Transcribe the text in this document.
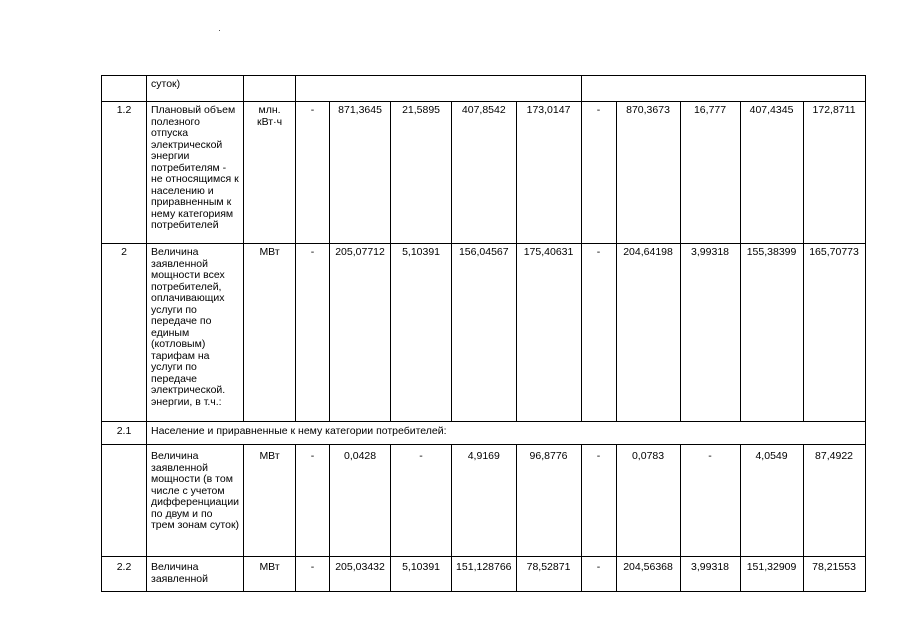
	суток)											
1.2	Плановый объем полезного отпуска электрической энергии потребителям - не относящимся к населению и приравненным к нему категориям потребителей	млн. кВт·ч	-	871,3645	21,5895	407,8542	173,0147	-	870,3673	16,777	407,4345	172,8711
2	Величина заявленной мощности всех потребителей, оплачивающих услуги по передаче по единым (котловым) тарифам на услуги по передаче электрической. энергии, в т.ч.:	МВт	-	205,07712	5,10391	156,04567	175,40631	-	204,64198	3,99318	155,38399	165,70773
2.1	Население и приравненные к нему категории потребителей:											
	Величина заявленной мощности (в том числе с учетом дифференциации по двум и по трем зонам суток)	МВт	-	0,0428	-	4,9169	96,8776	-	0,0783	-	4,0549	87,4922
2.2	Величина заявленной	МВт	-	205,03432	5,10391	151,128766	78,52871	-	204,56368	3,99318	151,32909	78,21553
